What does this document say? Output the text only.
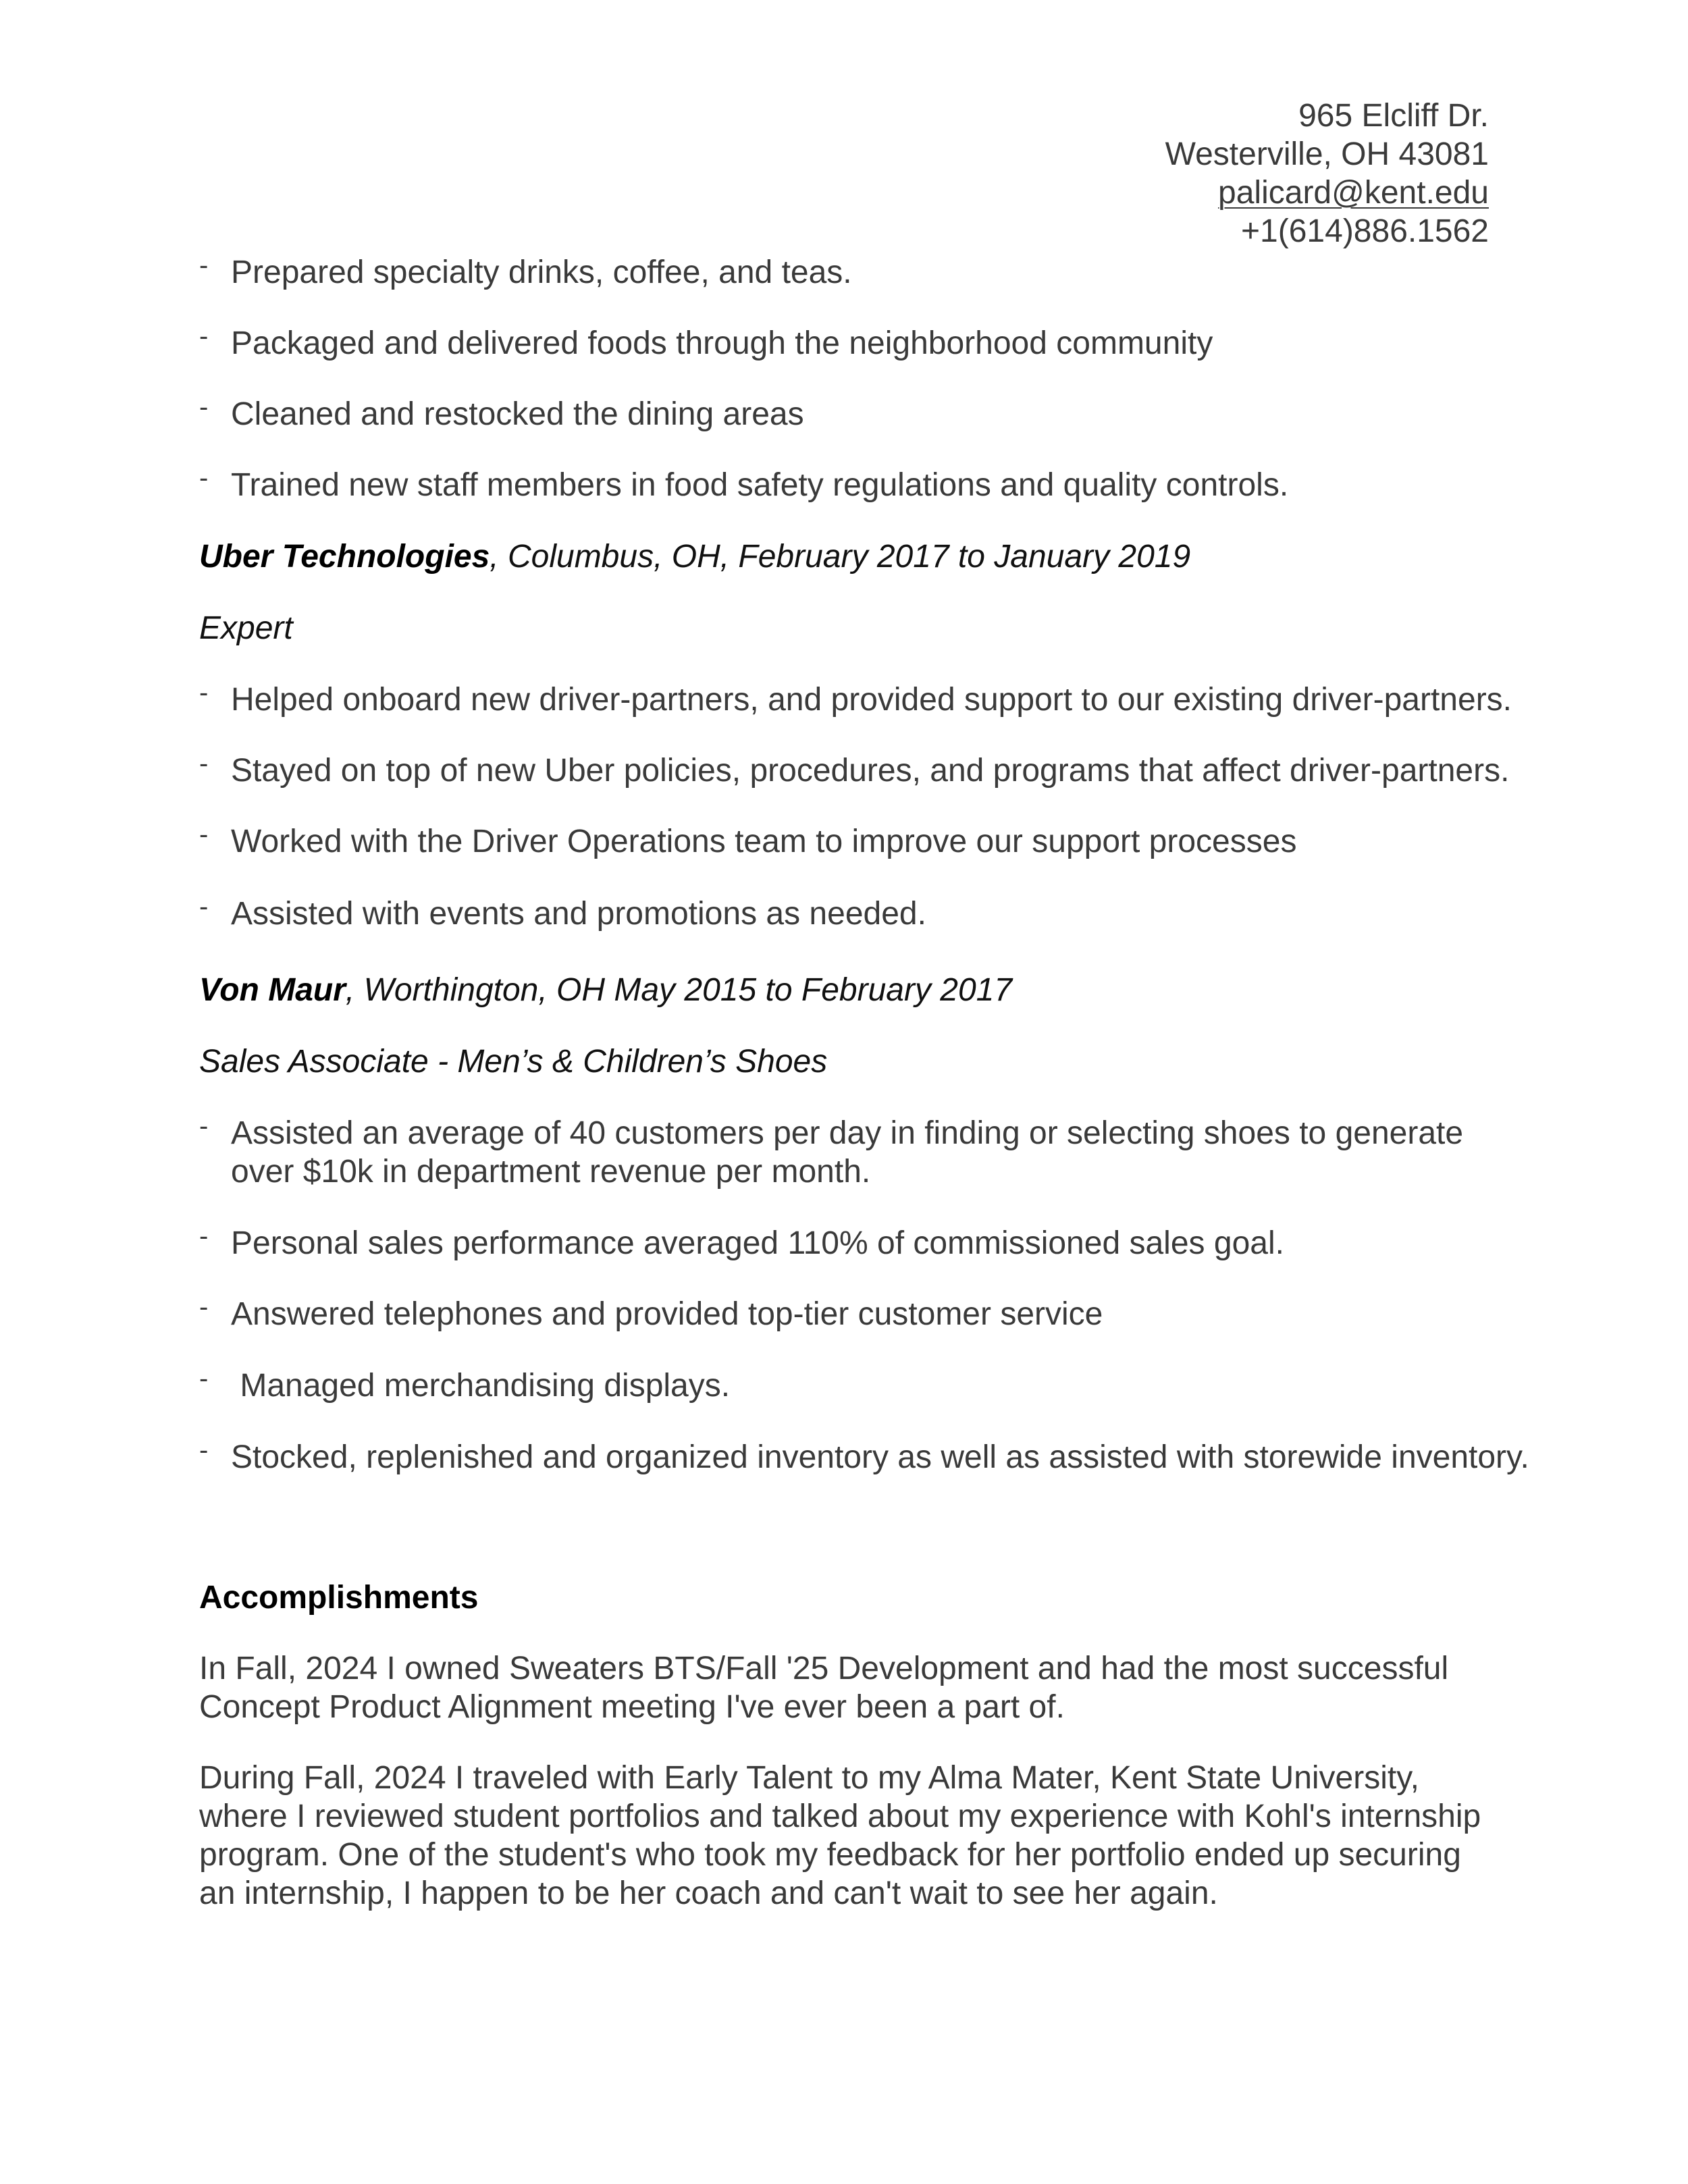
965 Elcliff Dr.
Westerville, OH 43081
palicard@kent.edu
+1(614)886.1562
- Prepared specialty drinks, coffee, and teas.
- Packaged and delivered foods through the neighborhood community
- Cleaned and restocked the dining areas
- Trained new staff members in food safety regulations and quality controls.
Uber Technologies, Columbus, OH, February 2017 to January 2019
Expert
- Helped onboard new driver-partners, and provided support to our existing driver-partners.
- Stayed on top of new Uber policies, procedures, and programs that affect driver-partners.
- Worked with the Driver Operations team to improve our support processes
- Assisted with events and promotions as needed.
Von Maur, Worthington, OH May 2015 to February 2017
Sales Associate - Men’s & Children’s Shoes
- Assisted an average of 40 customers per day in finding or selecting shoes to generate over $10k in department revenue per month.
- Personal sales performance averaged 110% of commissioned sales goal.
- Answered telephones and provided top-tier customer service
- Managed merchandising displays.
- Stocked, replenished and organized inventory as well as assisted with storewide inventory.
Accomplishments
In Fall, 2024 I owned Sweaters BTS/Fall '25 Development and had the most successful Concept Product Alignment meeting I've ever been a part of.
During Fall, 2024 I traveled with Early Talent to my Alma Mater, Kent State University, where I reviewed student portfolios and talked about my experience with Kohl's internship program. One of the student's who took my feedback for her portfolio ended up securing an internship, I happen to be her coach and can't wait to see her again.
